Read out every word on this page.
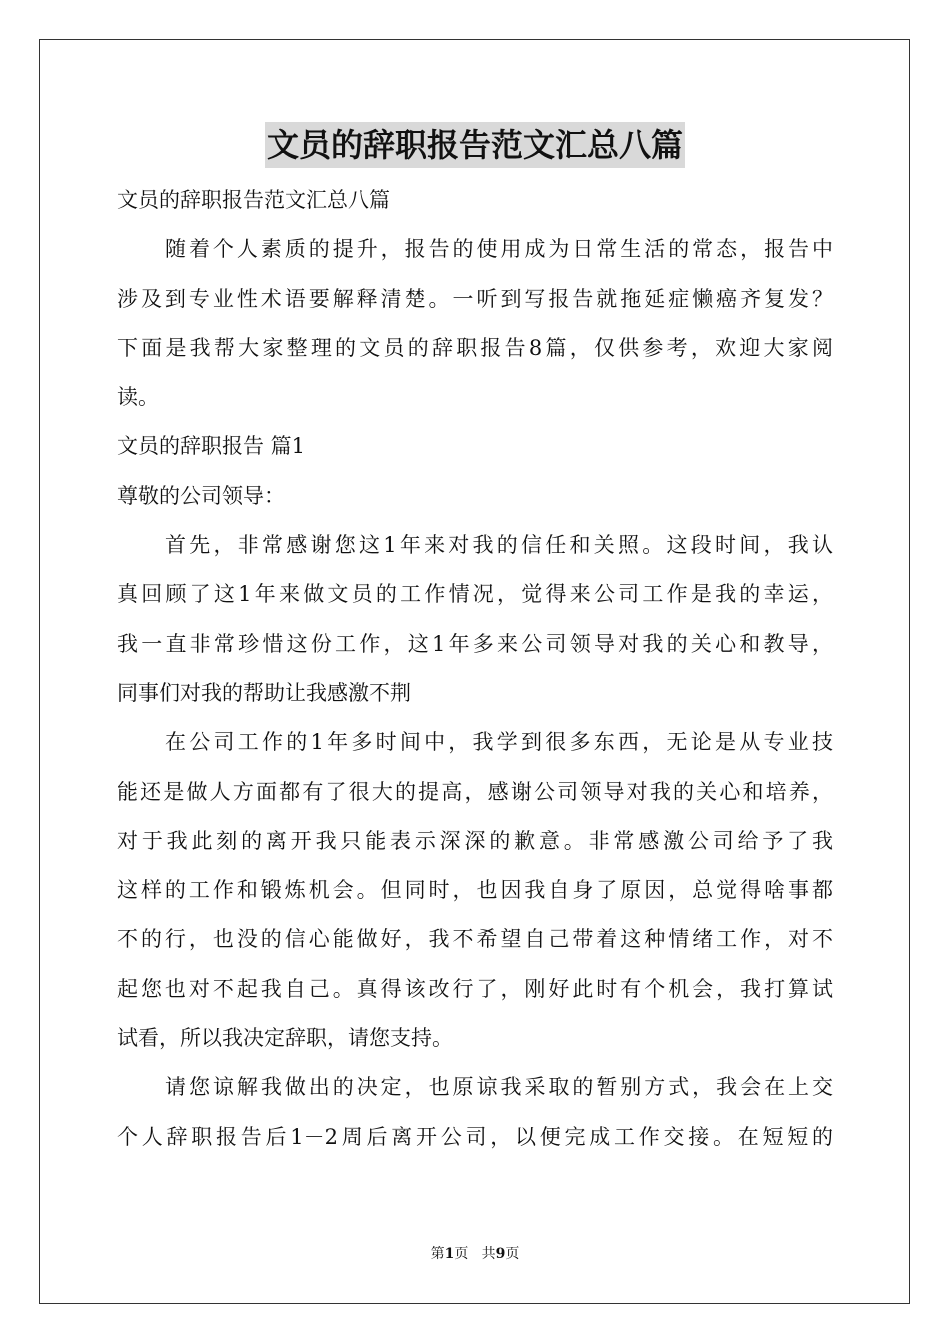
文员的辞职报告范文汇总八篇
文员的辞职报告范文汇总八篇
随着个人素质的提升，报告的使用成为日常生活的常态，报告中
涉及到专业性术语要解释清楚。一听到写报告就拖延症懒癌齐复发？
下面是我帮大家整理的文员的辞职报告8篇，仅供参考，欢迎大家阅
读。
文员的辞职报告 篇1
尊敬的公司领导：
首先，非常感谢您这1年来对我的信任和关照。这段时间，我认
真回顾了这1年来做文员的工作情况，觉得来公司工作是我的幸运，
我一直非常珍惜这份工作，这1年多来公司领导对我的关心和教导，
同事们对我的帮助让我感激不荆
在公司工作的1年多时间中，我学到很多东西，无论是从专业技
能还是做人方面都有了很大的提高，感谢公司领导对我的关心和培养，
对于我此刻的离开我只能表示深深的歉意。非常感激公司给予了我
这样的工作和锻炼机会。但同时，也因我自身了原因，总觉得啥事都
不的行，也没的信心能做好，我不希望自己带着这种情绪工作，对不
起您也对不起我自己。真得该改行了，刚好此时有个机会，我打算试
试看，所以我决定辞职，请您支持。
请您谅解我做出的决定，也原谅我采取的暂别方式，我会在上交
个人辞职报告后1－2周后离开公司，以便完成工作交接。在短短的
第1页 共9页
